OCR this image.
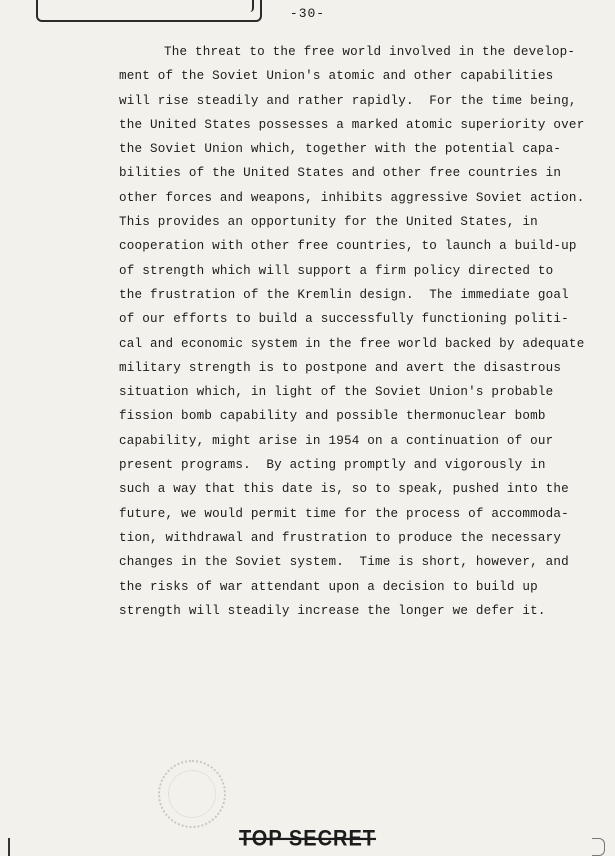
-30-
The threat to the free world involved in the develop-
ment of the Soviet Union's atomic and other capabilities
will rise steadily and rather rapidly.  For the time being,
the United States possesses a marked atomic superiority over
the Soviet Union which, together with the potential capa-
bilities of the United States and other free countries in
other forces and weapons, inhibits aggressive Soviet action.
This provides an opportunity for the United States, in
cooperation with other free countries, to launch a build-up
of strength which will support a firm policy directed to
the frustration of the Kremlin design.  The immediate goal
of our efforts to build a successfully functioning politi-
cal and economic system in the free world backed by adequate
military strength is to postpone and avert the disastrous
situation which, in light of the Soviet Union's probable
fission bomb capability and possible thermonuclear bomb
capability, might arise in 1954 on a continuation of our
present programs.  By acting promptly and vigorously in
such a way that this date is, so to speak, pushed into the
future, we would permit time for the process of accommoda-
tion, withdrawal and frustration to produce the necessary
changes in the Soviet system.  Time is short, however, and
the risks of war attendant upon a decision to build up
strength will steadily increase the longer we defer it.
TOP SECRET
